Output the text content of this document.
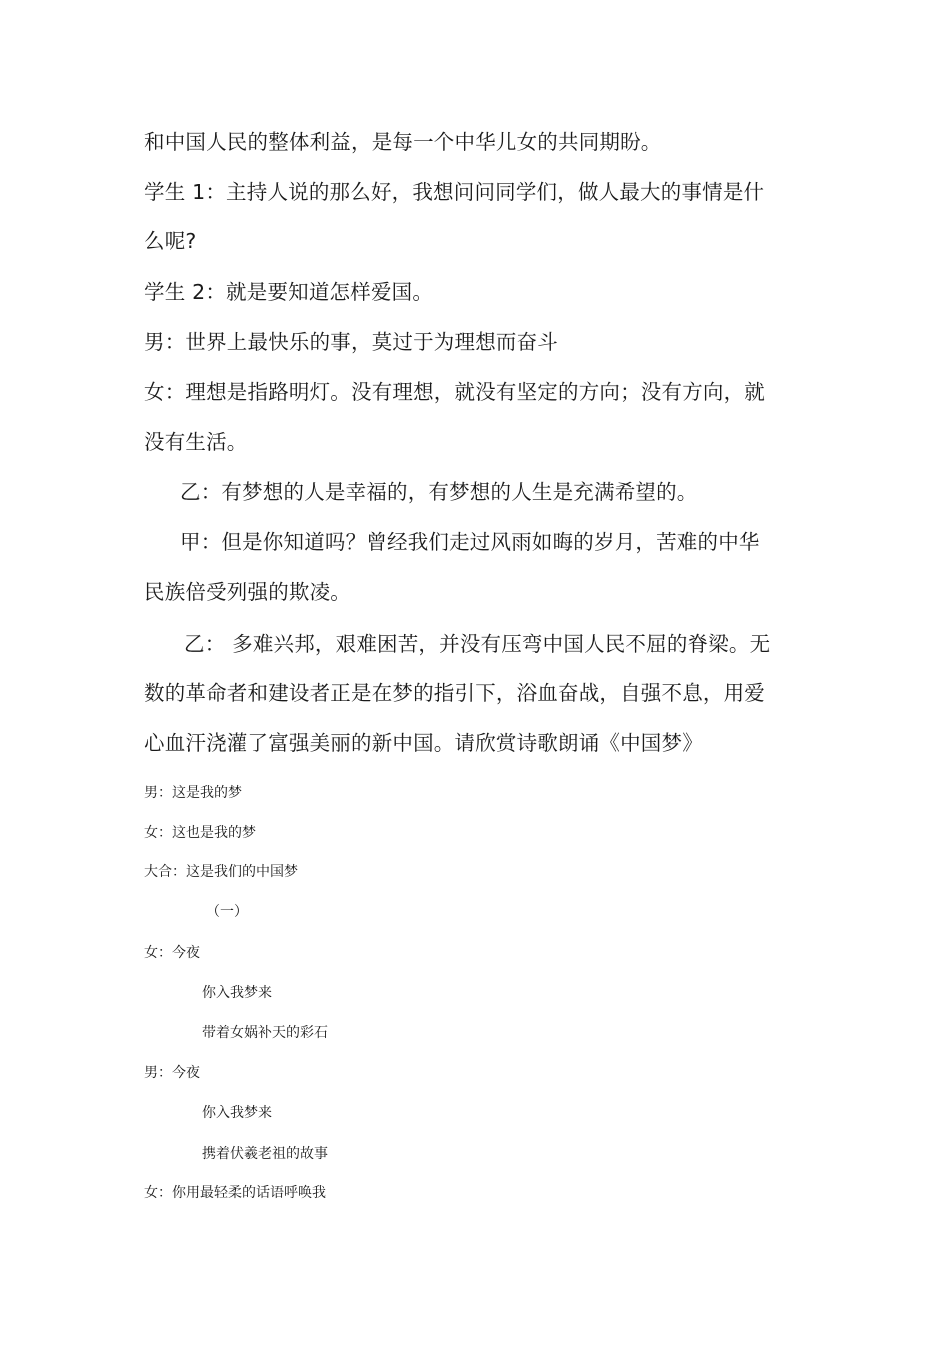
和中国人民的整体利益，是每一个中华儿女的共同期盼。
学生 1：主持人说的那么好，我想问问同学们，做人最大的事情是什
么呢?
学生 2：就是要知道怎样爱国。
男：世界上最快乐的事，莫过于为理想而奋斗
女：理想是指路明灯。没有理想，就没有坚定的方向；没有方向，就
没有生活。
乙：有梦想的人是幸福的，有梦想的人生是充满希望的。
甲：但是你知道吗？曾经我们走过风雨如晦的岁月，苦难的中华
民族倍受列强的欺凌。
乙： 多难兴邦，艰难困苦，并没有压弯中国人民不屈的脊梁。无
数的革命者和建设者正是在梦的指引下，浴血奋战，自强不息，用爱
心血汗浇灌了富强美丽的新中国。请欣赏诗歌朗诵《中国梦》
男：这是我的梦
女：这也是我的梦
大合：这是我们的中国梦
（一）
女：今夜
你入我梦来
带着女娲补天的彩石
男：今夜
你入我梦来
携着伏羲老祖的故事
女：你用最轻柔的话语呼唤我
